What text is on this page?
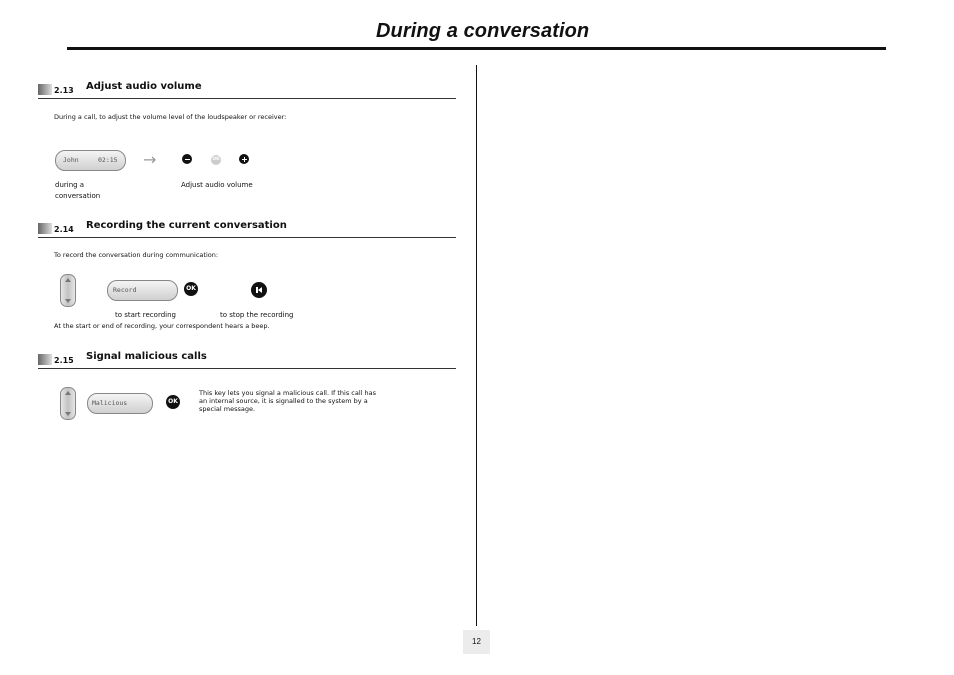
During a conversation
2.13 Adjust audio volume
During a call, to adjust the volume level of the loudspeaker or receiver:
John	02:15 →	OK
during a
conversation
Adjust audio volume
2.14 Recording the current conversation
To record the conversation during communication:
Record	OK
to start recording	to stop the recording
At the start or end of recording, your correspondent hears a beep.
2.15 Signal malicious calls
Malicious	OK
This key lets you signal a malicious call. If this call has
an internal source, it is signalled to the system by a
special message.
12
